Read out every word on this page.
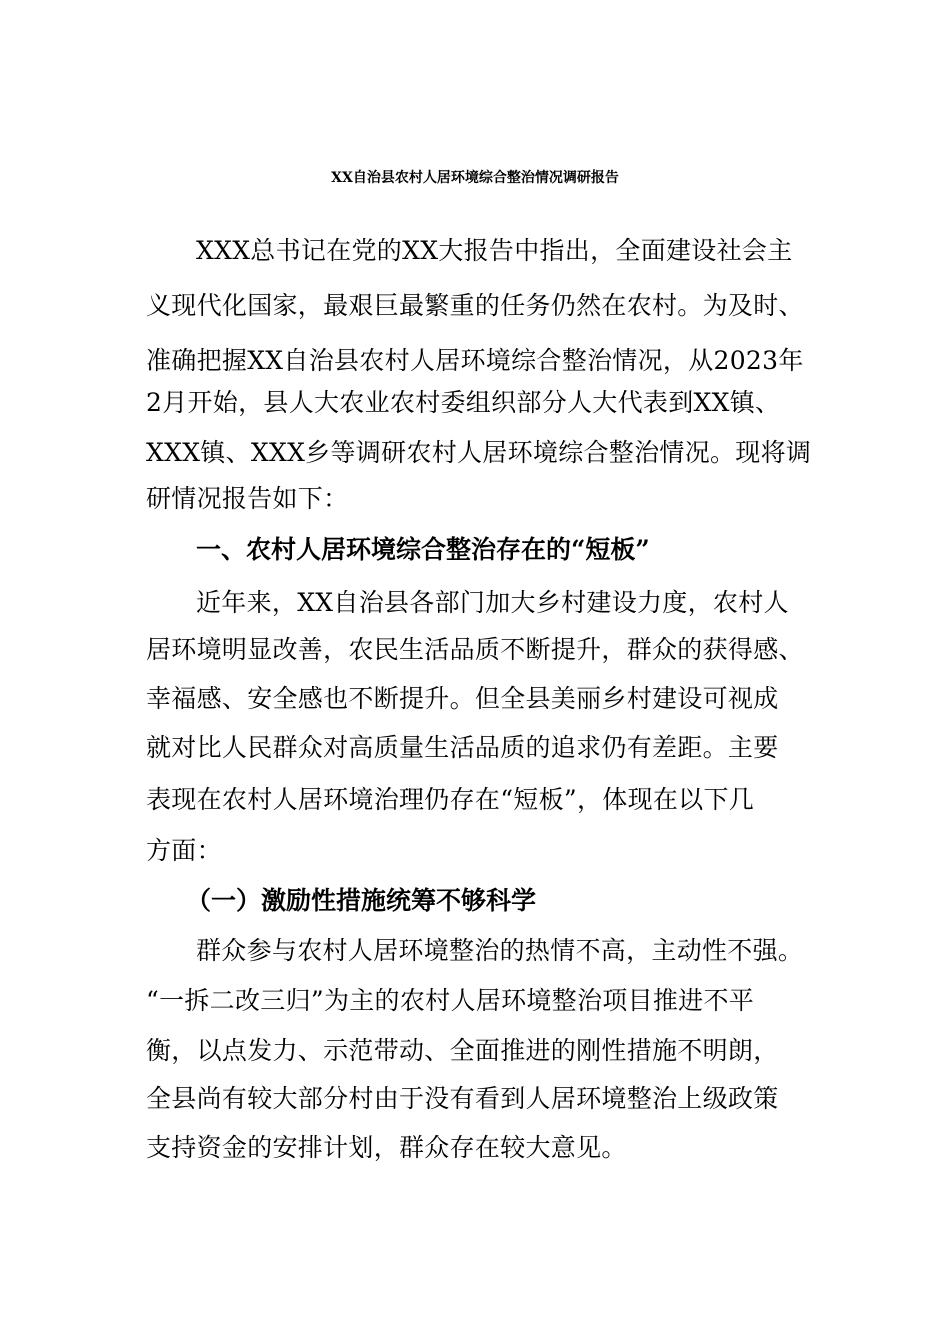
XX自治县农村人居环境综合整治情况调研报告
XXX总书记在党的XX大报告中指出，全面建设社会主
义现代化国家，最艰巨最繁重的任务仍然在农村。为及时、
准确把握XX自治县农村人居环境综合整治情况，从2023年
2月开始，县人大农业农村委组织部分人大代表到XX镇、
XXX镇、XXX乡等调研农村人居环境综合整治情况。现将调
研情况报告如下：
一、农村人居环境综合整治存在的“短板”
近年来，XX自治县各部门加大乡村建设力度，农村人
居环境明显改善，农民生活品质不断提升，群众的获得感、
幸福感、安全感也不断提升。但全县美丽乡村建设可视成
就对比人民群众对高质量生活品质的追求仍有差距。主要
表现在农村人居环境治理仍存在“短板”，体现在以下几
方面：
（一）激励性措施统筹不够科学
群众参与农村人居环境整治的热情不高，主动性不强。
“一拆二改三归”为主的农村人居环境整治项目推进不平
衡，以点发力、示范带动、全面推进的刚性措施不明朗，
全县尚有较大部分村由于没有看到人居环境整治上级政策
支持资金的安排计划，群众存在较大意见。
